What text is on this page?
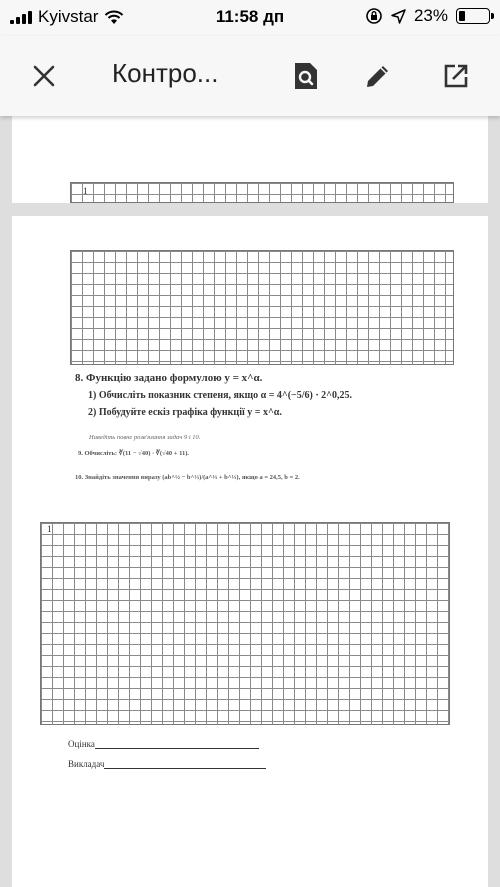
Kyivstar	11:58 дп	23%
Контро...
1
8. Функцію задано формулою y = x^α.
1) Обчисліть показник степеня, якщо α = 4^(−5/6) · 2^0,25.
2) Побудуйте ескіз графіка функції y = x^α.
Наведіть повне розв'язання задач 9 і 10.
9. Обчисліть: ∛(11 − √40) · ∛(√40 + 11).
10. Знайдіть значення виразу (ab^½ − b^⅓)/(a^⅓ + b^⅓), якщо a = 24,5, b = 2.
1
Оцінка
Викладач
